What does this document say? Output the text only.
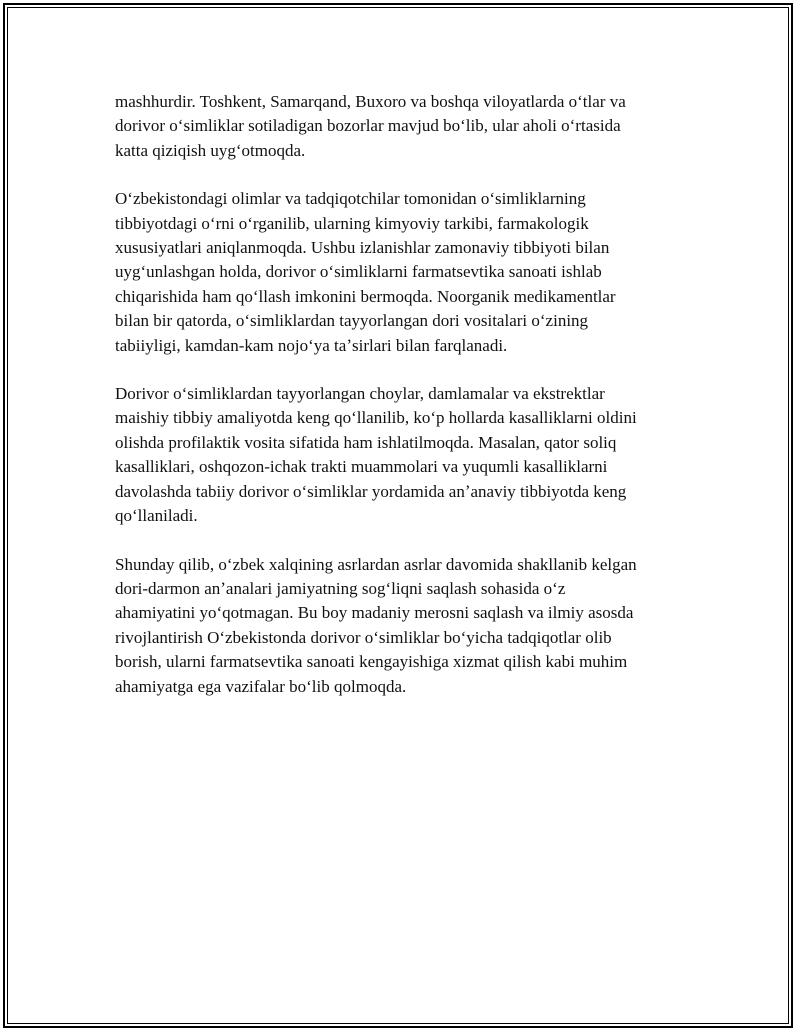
mashhurdir. Toshkent, Samarqand, Buxoro va boshqa viloyatlarda oʻtlar va
dorivor oʻsimliklar sotiladigan bozorlar mavjud boʻlib, ular aholi oʻrtasida
katta qiziqish uygʻotmoqda.

Oʻzbekistondagi olimlar va tadqiqotchilar tomonidan oʻsimliklarning
tibbiyotdagi oʻrni oʻrganilib, ularning kimyoviy tarkibi, farmakologik
xususiyatlari aniqlanmoqda. Ushbu izlanishlar zamonaviy tibbiyoti bilan
uygʻunlashgan holda, dorivor oʻsimliklarni farmatsevtika sanoati ishlab
chiqarishida ham qoʻllash imkonini bermoqda. Noorganik medikamentlar
bilan bir qatorda, oʻsimliklardan tayyorlangan dori vositalari oʻzining
tabiiyligi, kamdan-kam nojoʻya taʼsirlari bilan farqlanadi.

Dorivor oʻsimliklardan tayyorlangan choylar, damlamalar va ekstrektlar
maishiy tibbiy amaliyotda keng qoʻllanilib, koʻp hollarda kasalliklarni oldini
olishda profilaktik vosita sifatida ham ishlatilmoqda. Masalan, qator soliq
kasalliklari, oshqozon-ichak trakti muammolari va yuqumli kasalliklarni
davolashda tabiiy dorivor oʻsimliklar yordamida anʼanaviy tibbiyotda keng
qoʻllaniladi.

Shunday qilib, oʻzbek xalqining asrlardan asrlar davomida shakllanib kelgan
dori-darmon anʼanalari jamiyatning sogʻliqni saqlash sohasida oʻz
ahamiyatini yoʻqotmagan. Bu boy madaniy merosni saqlash va ilmiy asosda
rivojlantirish Oʻzbekistonda dorivor oʻsimliklar boʻyicha tadqiqotlar olib
borish, ularni farmatsevtika sanoati kengayishiga xizmat qilish kabi muhim
ahamiyatga ega vazifalar boʻlib qolmoqda.
